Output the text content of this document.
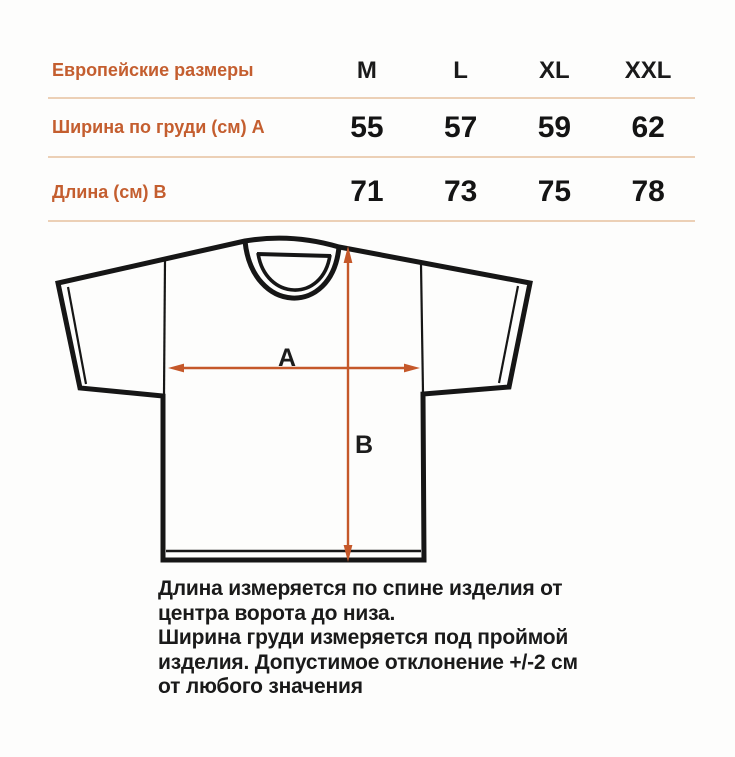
Европейские размеры	M	L	XL	XXL
Ширина по груди (см) А	55	57	59	62
Длина (см) В	71	73	75	78
A
B
Длина измеряется по спине изделия от
центра ворота до низа.
Ширина груди измеряется под проймой
изделия. Допустимое отклонение +/-2 см
от любого значения
